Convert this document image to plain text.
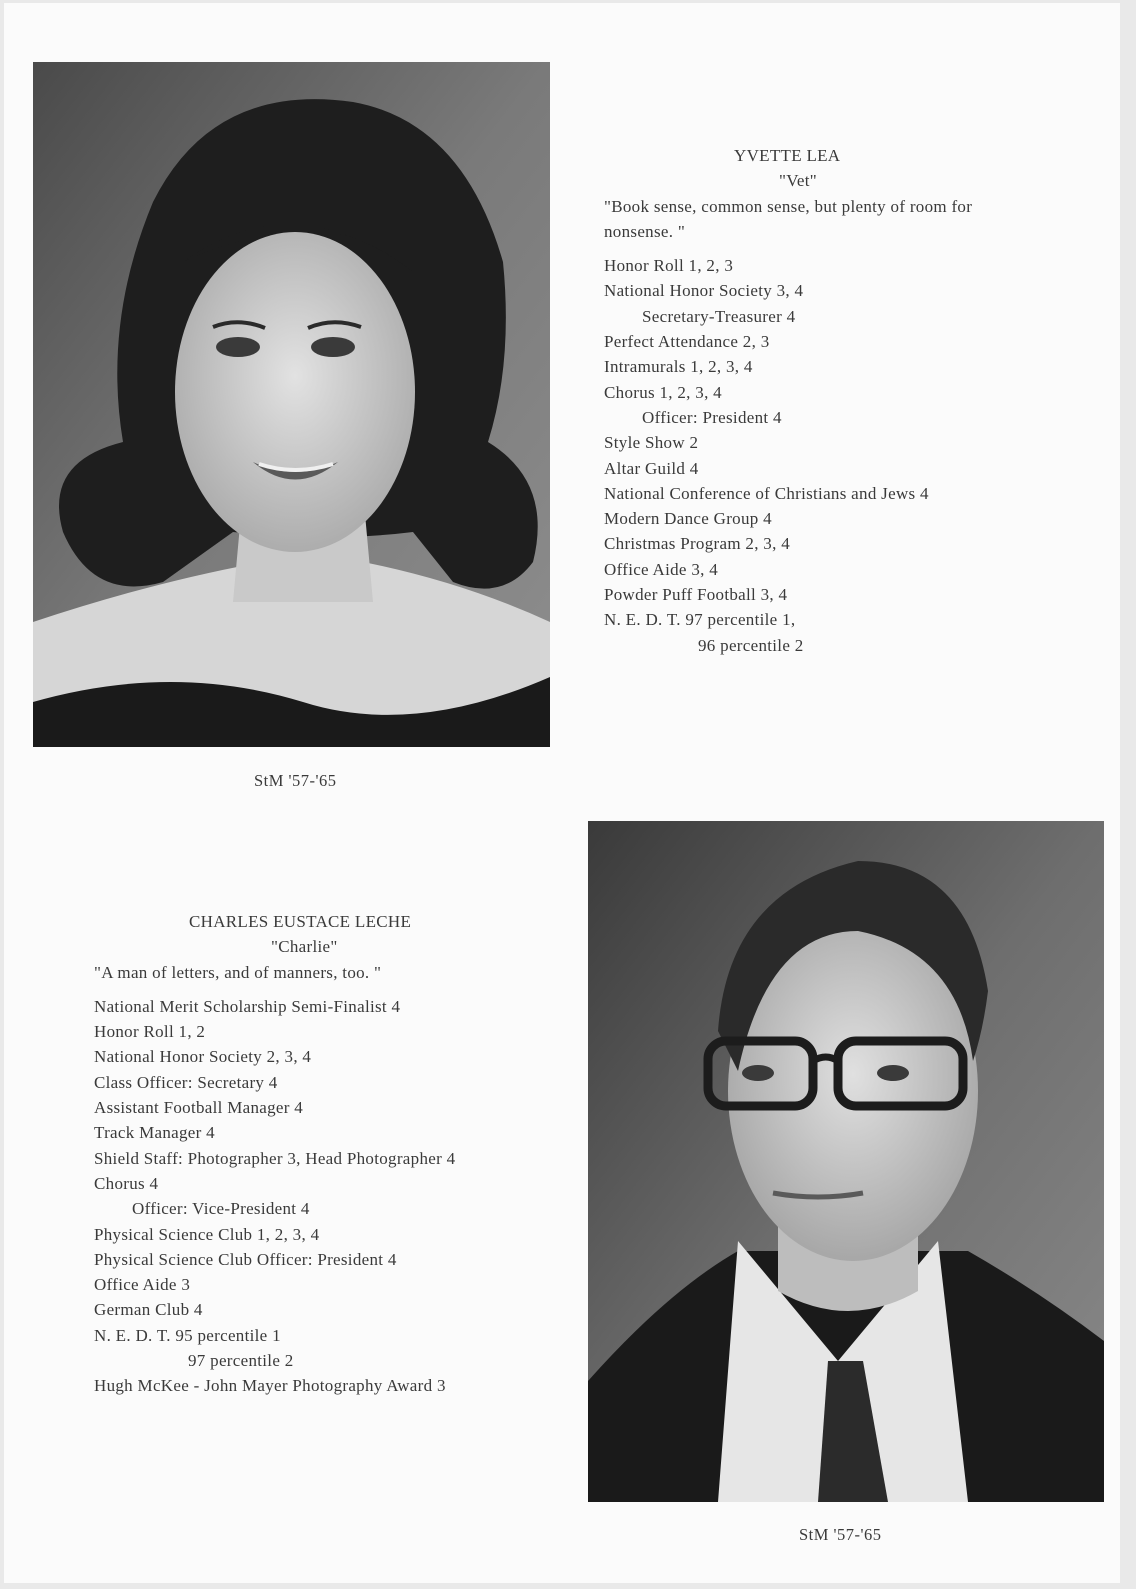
YVETTE LEA
"Vet"
"Book sense, common sense, but plenty of room for nonsense. "
Honor Roll 1, 2, 3
National Honor Society 3, 4
Secretary-Treasurer 4
Perfect Attendance 2, 3
Intramurals 1, 2, 3, 4
Chorus 1, 2, 3, 4
Officer: President 4
Style Show 2
Altar Guild 4
National Conference of Christians and Jews 4
Modern Dance Group 4
Christmas Program 2, 3, 4
Office Aide 3, 4
Powder Puff Football 3, 4
N. E. D. T. 97 percentile 1,
96 percentile 2
StM '57-'65
CHARLES EUSTACE LECHE
"Charlie"
"A man of letters, and of manners, too. "
National Merit Scholarship Semi-Finalist 4
Honor Roll 1, 2
National Honor Society 2, 3, 4
Class Officer: Secretary 4
Assistant Football Manager 4
Track Manager 4
Shield Staff: Photographer 3, Head Photographer 4
Chorus 4
Officer: Vice-President 4
Physical Science Club 1, 2, 3, 4
Physical Science Club Officer: President 4
Office Aide 3
German Club 4
N. E. D. T. 95 percentile 1
97 percentile 2
Hugh McKee - John Mayer Photography Award 3
StM '57-'65
